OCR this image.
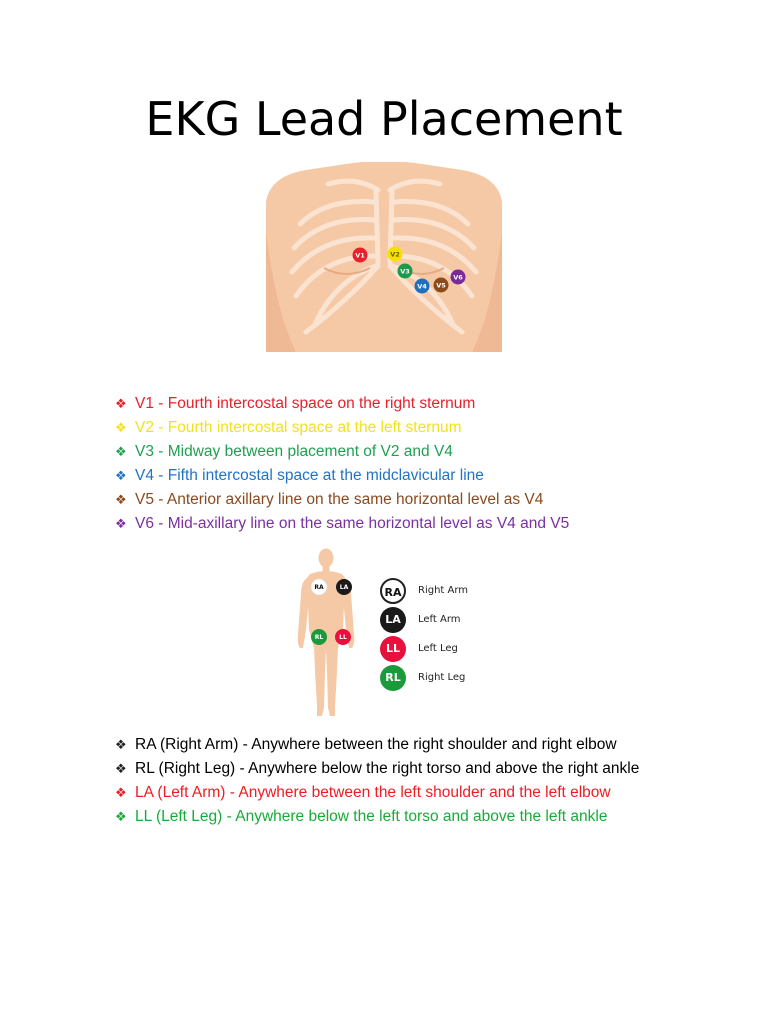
EKG Lead Placement
V1	V2
V3
V4 V5
V6
❖ V1 - Fourth intercostal space on the right sternum
❖ V2 - Fourth intercostal space at the left sternum
❖ V3 - Midway between placement of V2 and V4
❖ V4 - Fifth intercostal space at the midclavicular line
❖ V5 - Anterior axillary line on the same horizontal level as V4
❖ V6 - Mid-axillary line on the same horizontal level as V4 and V5
RA	LA
RL	LL
RA	Right Arm
LA	Left Arm
LL	Left Leg
RL	Right Leg
❖ RA (Right Arm) - Anywhere between the right shoulder and right elbow
❖ RL (Right Leg) - Anywhere below the right torso and above the right ankle
❖ LA (Left Arm) - Anywhere between the left shoulder and the left elbow
❖ LL (Left Leg) - Anywhere below the left torso and above the left ankle
